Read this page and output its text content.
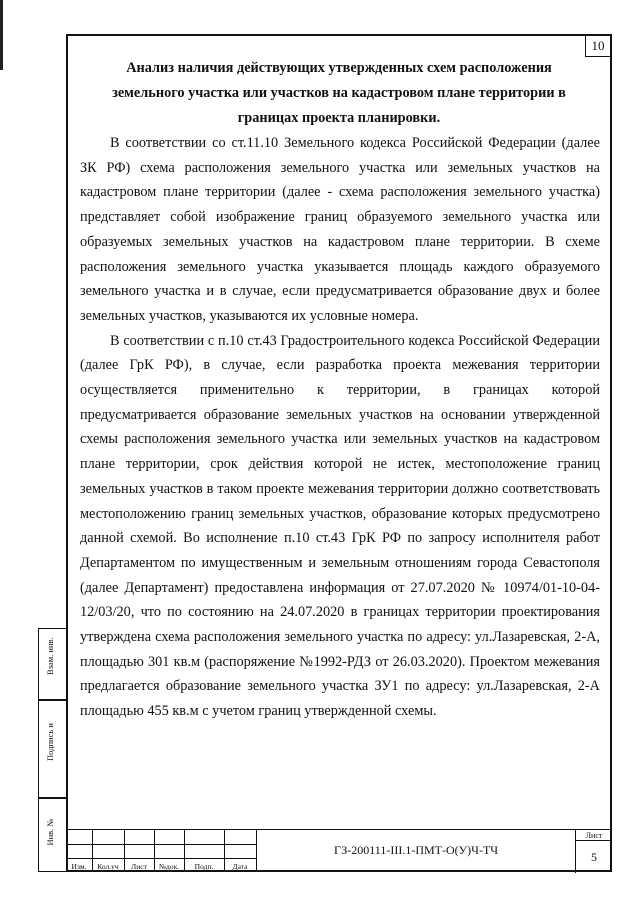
Взам. инв.
Подпись и
Инв. №
10
Анализ наличия действующих утвержденных схем расположения
земельного участка или участков на кадастровом плане территории в
границах проекта планировки.

В соответствии со ст.11.10 Земельного кодекса Российской Федерации (далее ЗК РФ) схема расположения земельного участка или земельных участков на кадастровом плане территории (далее - схема расположения земельного участка) представляет собой изображение границ образуемого земельного участка или образуемых земельных участков на кадастровом плане территории. В схеме расположения земельного участка указывается площадь каждого образуемого земельного участка и в случае, если предусматривается образование двух и более земельных участков, указываются их условные номера.

В соответствии с п.10 ст.43 Градостроительного кодекса Российской Федерации (далее ГрК РФ), в случае, если разработка проекта межевания территории осуществляется применительно к территории, в границах которой предусматривается образование земельных участков на основании утвержденной схемы расположения земельного участка или земельных участков на кадастровом плане территории, срок действия которой не истек, местоположение границ земельных участков в таком проекте межевания территории должно соответствовать местоположению границ земельных участков, образование которых предусмотрено данной схемой. Во исполнение п.10 ст.43 ГрК РФ по запросу исполнителя работ Департаментом по имущественным и земельным отношениям города Севастополя (далее Департамент) предоставлена информация от 27.07.2020 № 10974/01-10-04-12/03/20, что по состоянию на 24.07.2020 в границах территории проектирования утверждена схема расположения земельного участка по адресу: ул.Лазаревская, 2-А, площадью 301 кв.м (распоряжение №1992-РДЗ от 26.03.2020). Проектом межевания предлагается образование земельного участка ЗУ1 по адресу: ул.Лазаревская, 2-А площадью 455 кв.м с учетом границ утвержденной схемы.

Изм.	Кол.уч	Лист	№док.	Подп.	Дата
ГЗ-200111-III.1-ПМТ-О(У)Ч-ТЧ
Лист
5
